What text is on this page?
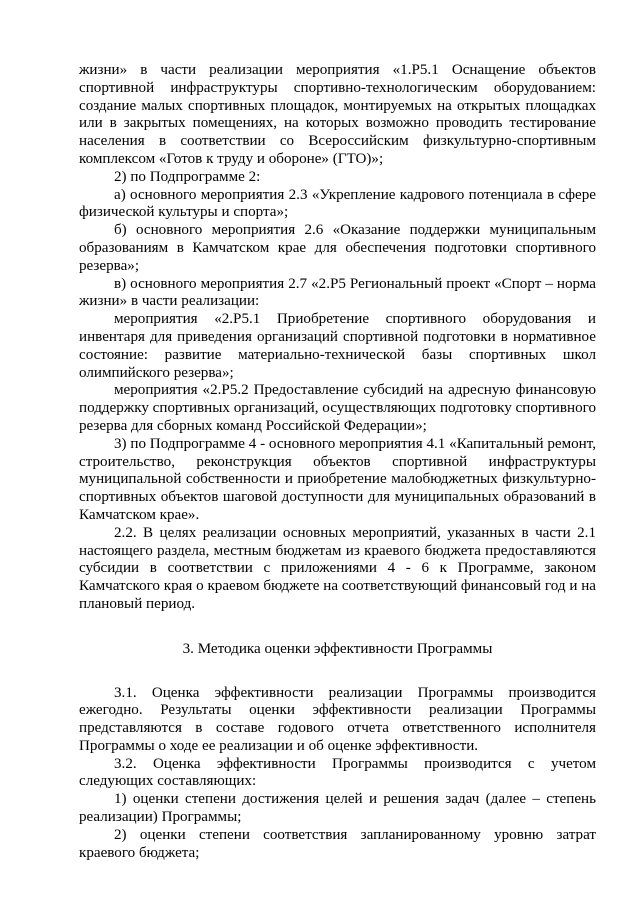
жизни» в части реализации мероприятия «1.Р5.1 Оснащение объектов спортивной инфраструктуры спортивно-технологическим оборудованием: создание малых спортивных площадок, монтируемых на открытых площадках или в закрытых помещениях, на которых возможно проводить тестирование населения в соответствии со Всероссийским физкультурно-спортивным комплексом «Готов к труду и обороне» (ГТО)»;

2) по Подпрограмме 2:

а) основного мероприятия 2.3 «Укрепление кадрового потенциала в сфере физической культуры и спорта»;

б) основного мероприятия 2.6 «Оказание поддержки муниципальным образованиям в Камчатском крае для обеспечения подготовки спортивного резерва»;

в) основного мероприятия 2.7 «2.Р5 Региональный проект «Спорт – норма жизни» в части реализации:

мероприятия «2.Р5.1 Приобретение спортивного оборудования и инвентаря для приведения организаций спортивной подготовки в нормативное состояние: развитие материально-технической базы спортивных школ олимпийского резерва»;

мероприятия «2.Р5.2 Предоставление субсидий на адресную финансовую поддержку спортивных организаций, осуществляющих подготовку спортивного резерва для сборных команд Российской Федерации»;

3) по Подпрограмме 4 - основного мероприятия 4.1 «Капитальный ремонт, строительство, реконструкция объектов спортивной инфраструктуры муниципальной собственности и приобретение малобюджетных физкультурно-спортивных объектов шаговой доступности для муниципальных образований в Камчатском крае».

2.2. В целях реализации основных мероприятий, указанных в части 2.1 настоящего раздела, местным бюджетам из краевого бюджета предоставляются субсидии в соответствии с приложениями 4 - 6 к Программе, законом Камчатского края о краевом бюджете на соответствующий финансовый год и на плановый период.

3. Методика оценки эффективности Программы

3.1. Оценка эффективности реализации Программы производится ежегодно. Результаты оценки эффективности реализации Программы представляются в составе годового отчета ответственного исполнителя Программы о ходе ее реализации и об оценке эффективности.

3.2. Оценка эффективности Программы производится с учетом следующих составляющих:

1) оценки степени достижения целей и решения задач (далее – степень реализации) Программы;

2) оценки степени соответствия запланированному уровню затрат краевого бюджета;
